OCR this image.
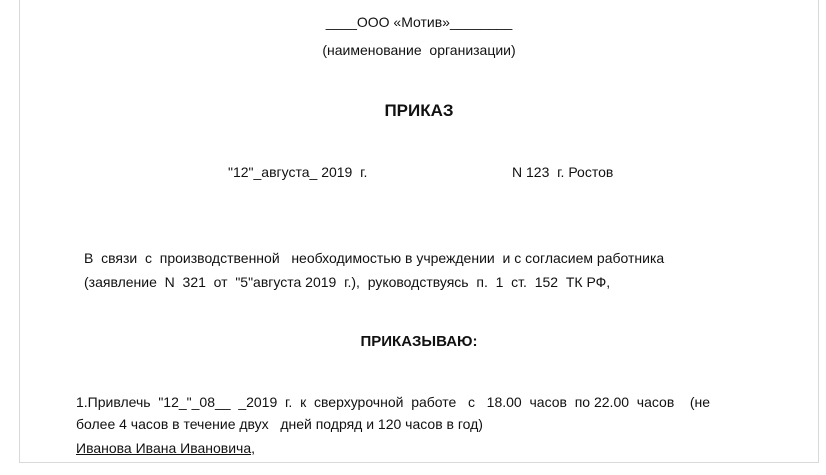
____ООО «Мотив»________
(наименование  организации)
ПРИКАЗ
"12"_августа_ 2019  г.	N 123  г. Ростов
В  связи  с  производственной   необходимостью в учреждении  и с согласием работника
(заявление  N  321  от  "5"августа 2019  г.),  руководствуясь  п.  1  ст.  152  ТК РФ,
ПРИКАЗЫВАЮ:
1.Привлечь  "12_"_08__  _2019  г.  к  сверхурочной  работе   с   18.00  часов  по 22.00  часов    (не
более 4 часов в течение двух   дней подряд и 120 часов в год)
Иванова Ивана Ивановича,
